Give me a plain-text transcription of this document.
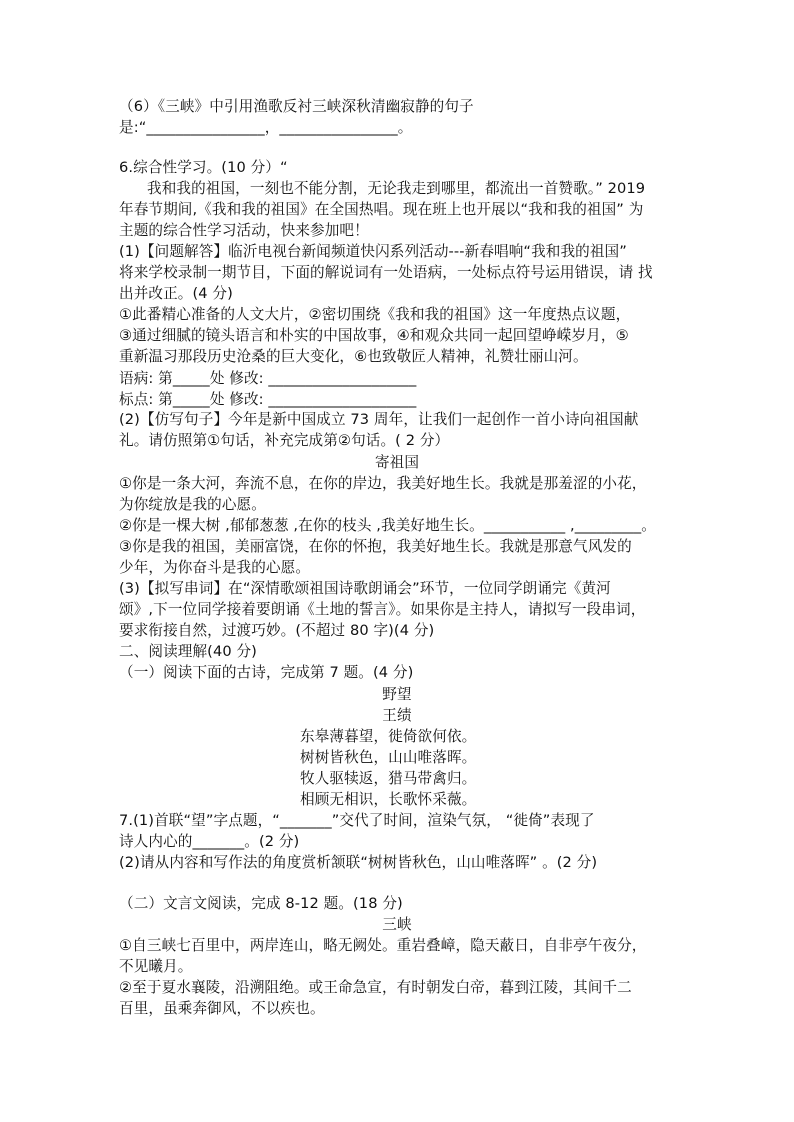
（6）《三峡》中引用渔歌反衬三峡深秋清幽寂静的句子
是:“________________，________________。
6.综合性学习。(10 分）“
我和我的祖国，一刻也不能分割，无论我走到哪里，都流出一首赞歌。” 2019
年春节期间,《我和我的祖国》在全国热唱。现在班上也开展以“我和我的祖国” 为
主题的综合性学习活动，快来参加吧！
(1)【问题解答】临沂电视台新闻频道快闪系列活动---新春唱响“我和我的祖国”
将来学校录制一期节目，下面的解说词有一处语病，一处标点符号运用错误，请 找
出并改正。(4 分)
①此番精心准备的人文大片，②密切围绕《我和我的祖国》这一年度热点议题，
③通过细腻的镜头语言和朴实的中国故事，④和观众共同一起回望峥嵘岁月，⑤
重新温习那段历史沧桑的巨大变化，⑥也致敬匠人精神，礼赞壮丽山河。
语病: 第_____处 修改: ____________________
标点: 第_____处 修改: ____________________
(2)【仿写句子】今年是新中国成立 73 周年，让我们一起创作一首小诗向祖国献
礼。请仿照第①句话，补充完成第②句话。( 2 分）
寄祖国
①你是一条大河，奔流不息，在你的岸边，我美好地生长。我就是那羞涩的小花，
为你绽放是我的心愿。
②你是一棵大树 ,郁郁葱葱 ,在你的枝头 ,我美好地生长。___________ ,_________。
③你是我的祖国，美丽富饶，在你的怀抱，我美好地生长。我就是那意气风发的
少年，为你奋斗是我的心愿。
(3)【拟写串词】在“深情歌颂祖国诗歌朗诵会”环节，一位同学朗诵完《黄河
颂》,下一位同学接着要朗诵《土地的誓言》。如果你是主持人，请拟写一段串词，
要求衔接自然，过渡巧妙。(不超过 80 字)(4 分)
二、阅读理解(40 分)
（一）阅读下面的古诗，完成第 7 题。(4 分)
野望
王绩
东皋薄暮望，徙倚欲何依。
树树皆秋色，山山唯落晖。
牧人驱犊返，猎马带禽归。
相顾无相识，长歌怀采薇。
7.(1)首联“望”字点题，“_______”交代了时间，渲染气氛， “徙倚”表现了
诗人内心的_______。(2 分)
(2)请从内容和写作法的角度赏析颔联“树树皆秋色，山山唯落晖” 。(2 分)
（二）文言文阅读，完成 8-12 题。(18 分)
三峡
①自三峡七百里中，两岸连山，略无阙处。重岩叠嶂，隐天蔽日，自非亭午夜分，
不见曦月。
②至于夏水襄陵，沿溯阻绝。或王命急宣，有时朝发白帝，暮到江陵，其间千二
百里，虽乘奔御风，不以疾也。
